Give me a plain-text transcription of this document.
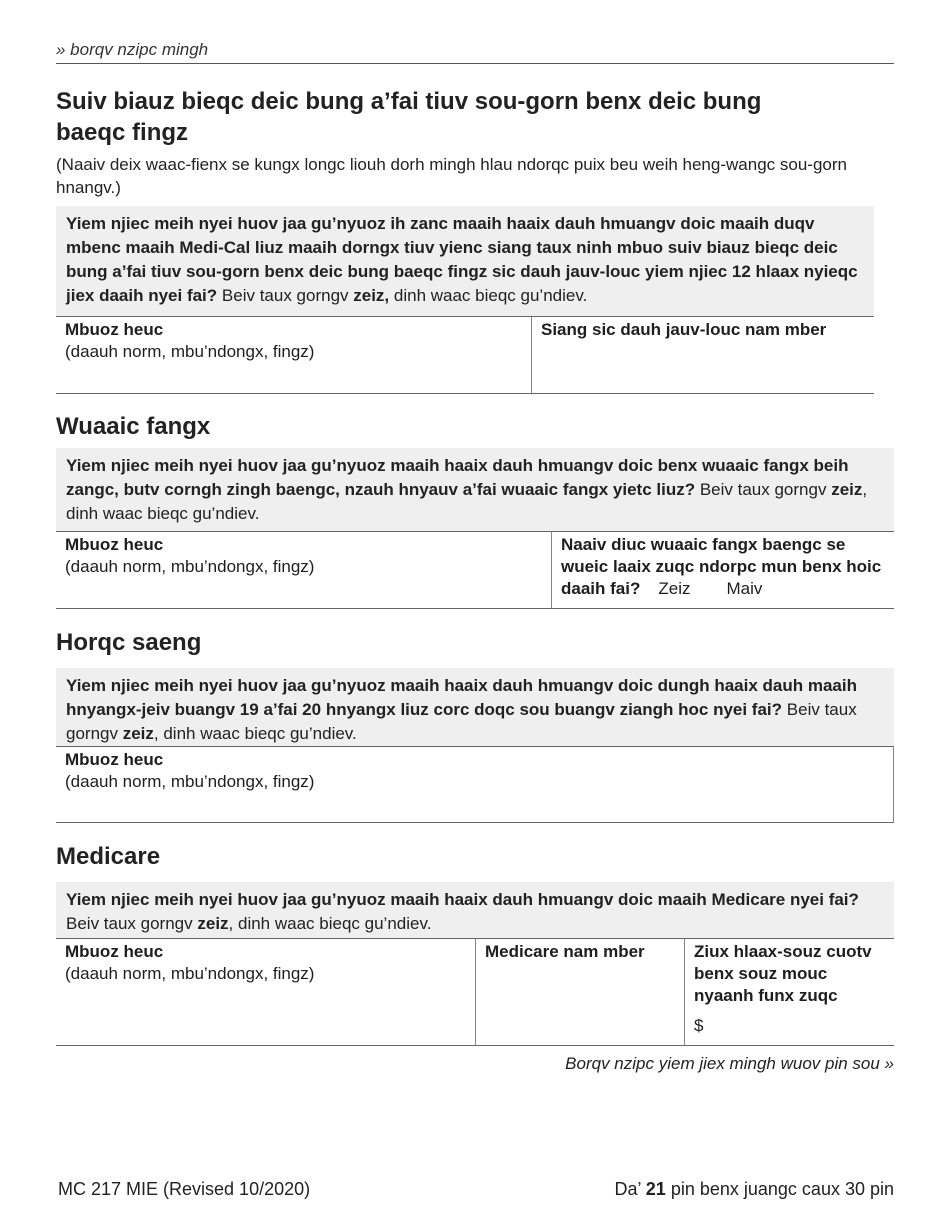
» borqv nzipc mingh
Suiv biauz bieqc deic bung a’fai tiuv sou-gorn benx deic bung baeqc fingz
(Naaiv deix waac-fienx se kungx longc liouh dorh mingh hlau ndorqc puix beu weih heng-wangc sou-gorn hnangv.)
Yiem njiec meih nyei huov jaa gu’nyuoz ih zanc maaih haaix dauh hmuangv doic maaih duqv mbenc maaih Medi-Cal liuz maaih dorngx tiuv yienc siang taux ninh mbuo suiv biauz bieqc deic bung a’fai tiuv sou-gorn benx deic bung baeqc fingz sic dauh jauv-louc yiem njiec 12 hlaax nyieqc jiex daaih nyei fai? Beiv taux gorngv zeiz, dinh waac bieqc gu’ndiev.
Mbuoz heuc
(daauh norm, mbu’ndongx, fingz)
Siang sic dauh jauv-louc nam mber
Wuaaic fangx
Yiem njiec meih nyei huov jaa gu’nyuoz maaih haaix dauh hmuangv doic benx wuaaic fangx beih zangc, butv corngh zingh baengc, nzauh hnyauv a’fai wuaaic fangx yietc liuz? Beiv taux gorngv zeiz, dinh waac bieqc gu’ndiev.
Mbuoz heuc
(daauh norm, mbu’ndongx, fingz)
Naaiv diuc wuaaic fangx baengc se wueic laaix zuqc ndorpc mun benx hoic daaih fai? Zeiz Maiv
Horqc saeng
Yiem njiec meih nyei huov jaa gu’nyuoz maaih haaix dauh hmuangv doic dungh haaix dauh maaih hnyangx-jeiv buangv 19 a’fai 20 hnyangx liuz corc doqc sou buangv ziangh hoc nyei fai? Beiv taux gorngv zeiz, dinh waac bieqc gu’ndiev.
Mbuoz heuc
(daauh norm, mbu’ndongx, fingz)
Medicare
Yiem njiec meih nyei huov jaa gu’nyuoz maaih haaix dauh hmuangv doic maaih Medicare nyei fai? Beiv taux gorngv zeiz, dinh waac bieqc gu’ndiev.
Mbuoz heuc
(daauh norm, mbu’ndongx, fingz)
Medicare nam mber	Ziux hlaax-souz cuotv benx souz mouc nyaanh funx zuqc
$
Borqv nzipc yiem jiex mingh wuov pin sou »
MC 217 MIE (Revised 10/2020)	Da’ 21 pin benx juangc caux 30 pin
